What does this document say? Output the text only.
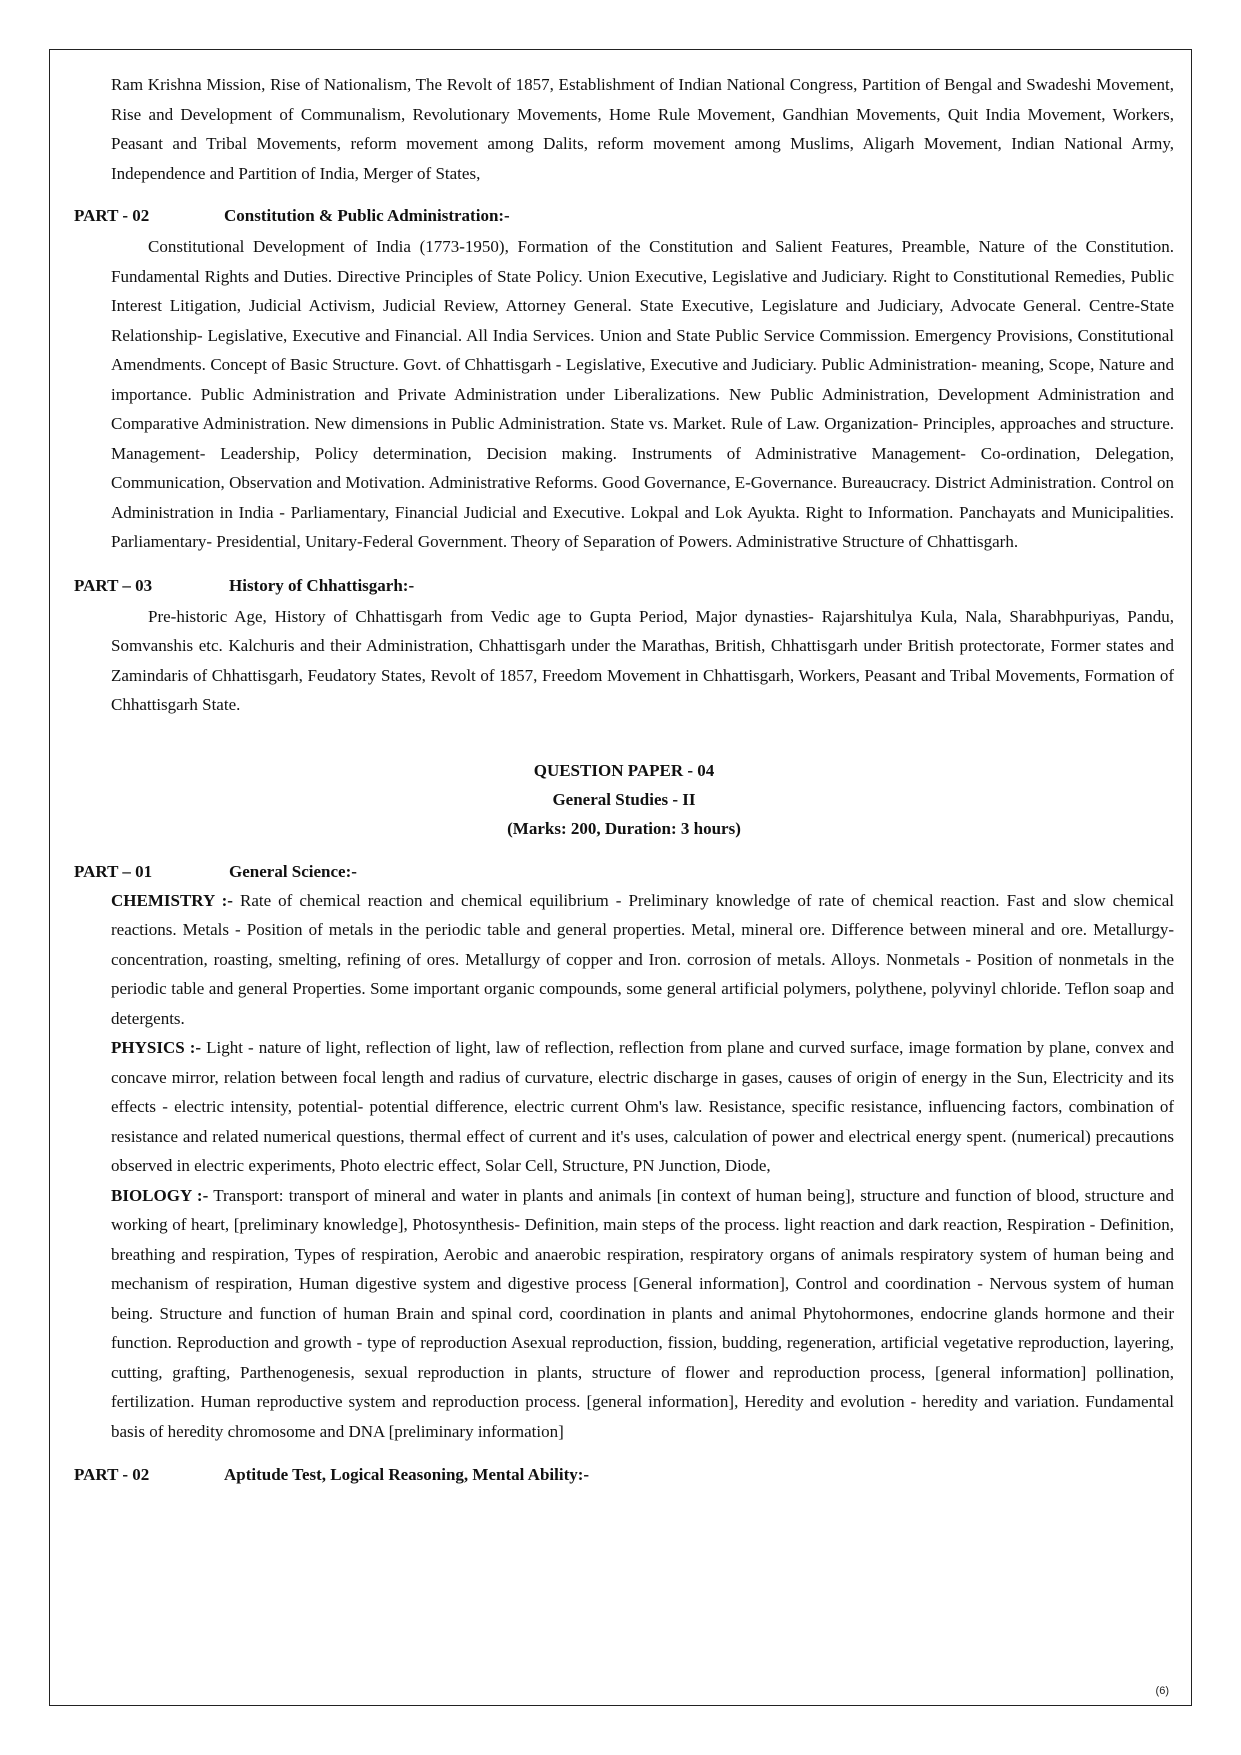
Ram Krishna Mission, Rise of Nationalism, The Revolt of 1857, Establishment of Indian National Congress, Partition of Bengal and Swadeshi Movement, Rise and Development of Communalism, Revolutionary Movements, Home Rule Movement, Gandhian Movements, Quit India Movement, Workers, Peasant and Tribal Movements, reform movement among Dalits, reform movement among Muslims, Aligarh Movement, Indian National Army, Independence and Partition of India, Merger of States,

PART - 02	Constitution & Public Administration:-

Constitutional Development of India (1773-1950), Formation of the Constitution and Salient Features, Preamble, Nature of the Constitution. Fundamental Rights and Duties. Directive Principles of State Policy. Union Executive, Legislative and Judiciary. Right to Constitutional Remedies, Public Interest Litigation, Judicial Activism, Judicial Review, Attorney General. State Executive, Legislature and Judiciary, Advocate General. Centre-State Relationship- Legislative, Executive and Financial. All India Services. Union and State Public Service Commission. Emergency Provisions, Constitutional Amendments. Concept of Basic Structure. Govt. of Chhattisgarh - Legislative, Executive and Judiciary. Public Administration- meaning, Scope, Nature and importance. Public Administration and Private Administration under Liberalizations. New Public Administration, Development Administration and Comparative Administration. New dimensions in Public Administration. State vs. Market. Rule of Law. Organization- Principles, approaches and structure. Management- Leadership, Policy determination, Decision making. Instruments of Administrative Management- Co-ordination, Delegation, Communication, Observation and Motivation. Administrative Reforms. Good Governance, E-Governance. Bureaucracy. District Administration. Control on Administration in India - Parliamentary, Financial Judicial and Executive. Lokpal and Lok Ayukta. Right to Information. Panchayats and Municipalities. Parliamentary- Presidential, Unitary-Federal Government. Theory of Separation of Powers. Administrative Structure of Chhattisgarh.

PART – 03	History of Chhattisgarh:-

Pre-historic Age, History of Chhattisgarh from Vedic age to Gupta Period, Major dynasties- Rajarshitulya Kula, Nala, Sharabhpuriyas, Pandu, Somvanshis etc. Kalchuris and their Administration, Chhattisgarh under the Marathas, British, Chhattisgarh under British protectorate, Former states and Zamindaris of Chhattisgarh, Feudatory States, Revolt of 1857, Freedom Movement in Chhattisgarh, Workers, Peasant and Tribal Movements, Formation of Chhattisgarh State.

QUESTION PAPER - 04

General Studies - II

(Marks: 200, Duration: 3 hours)

PART – 01	General Science:-

CHEMISTRY :- Rate of chemical reaction and chemical equilibrium - Preliminary knowledge of rate of chemical reaction. Fast and slow chemical reactions. Metals - Position of metals in the periodic table and general properties. Metal, mineral ore. Difference between mineral and ore. Metallurgy-concentration, roasting, smelting, refining of ores. Metallurgy of copper and Iron. corrosion of metals. Alloys. Nonmetals - Position of nonmetals in the periodic table and general Properties. Some important organic compounds, some general artificial polymers, polythene, polyvinyl chloride. Teflon soap and detergents.

PHYSICS :- Light - nature of light, reflection of light, law of reflection, reflection from plane and curved surface, image formation by plane, convex and concave mirror, relation between focal length and radius of curvature, electric discharge in gases, causes of origin of energy in the Sun, Electricity and its effects - electric intensity, potential- potential difference, electric current Ohm's law. Resistance, specific resistance, influencing factors, combination of resistance and related numerical questions, thermal effect of current and it's uses, calculation of power and electrical energy spent. (numerical) precautions observed in electric experiments, Photo electric effect, Solar Cell, Structure, PN Junction, Diode,

BIOLOGY :- Transport: transport of mineral and water in plants and animals [in context of human being], structure and function of blood, structure and working of heart, [preliminary knowledge], Photosynthesis- Definition, main steps of the process. light reaction and dark reaction, Respiration - Definition, breathing and respiration, Types of respiration, Aerobic and anaerobic respiration, respiratory organs of animals respiratory system of human being and mechanism of respiration, Human digestive system and digestive process [General information], Control and coordination - Nervous system of human being. Structure and function of human Brain and spinal cord, coordination in plants and animal Phytohormones, endocrine glands hormone and their function. Reproduction and growth - type of reproduction Asexual reproduction, fission, budding, regeneration, artificial vegetative reproduction, layering, cutting, grafting, Parthenogenesis, sexual reproduction in plants, structure of flower and reproduction process, [general information] pollination, fertilization. Human reproductive system and reproduction process. [general information], Heredity and evolution - heredity and variation. Fundamental basis of heredity chromosome and DNA [preliminary information]

PART - 02	Aptitude Test, Logical Reasoning, Mental Ability:-
(6)
